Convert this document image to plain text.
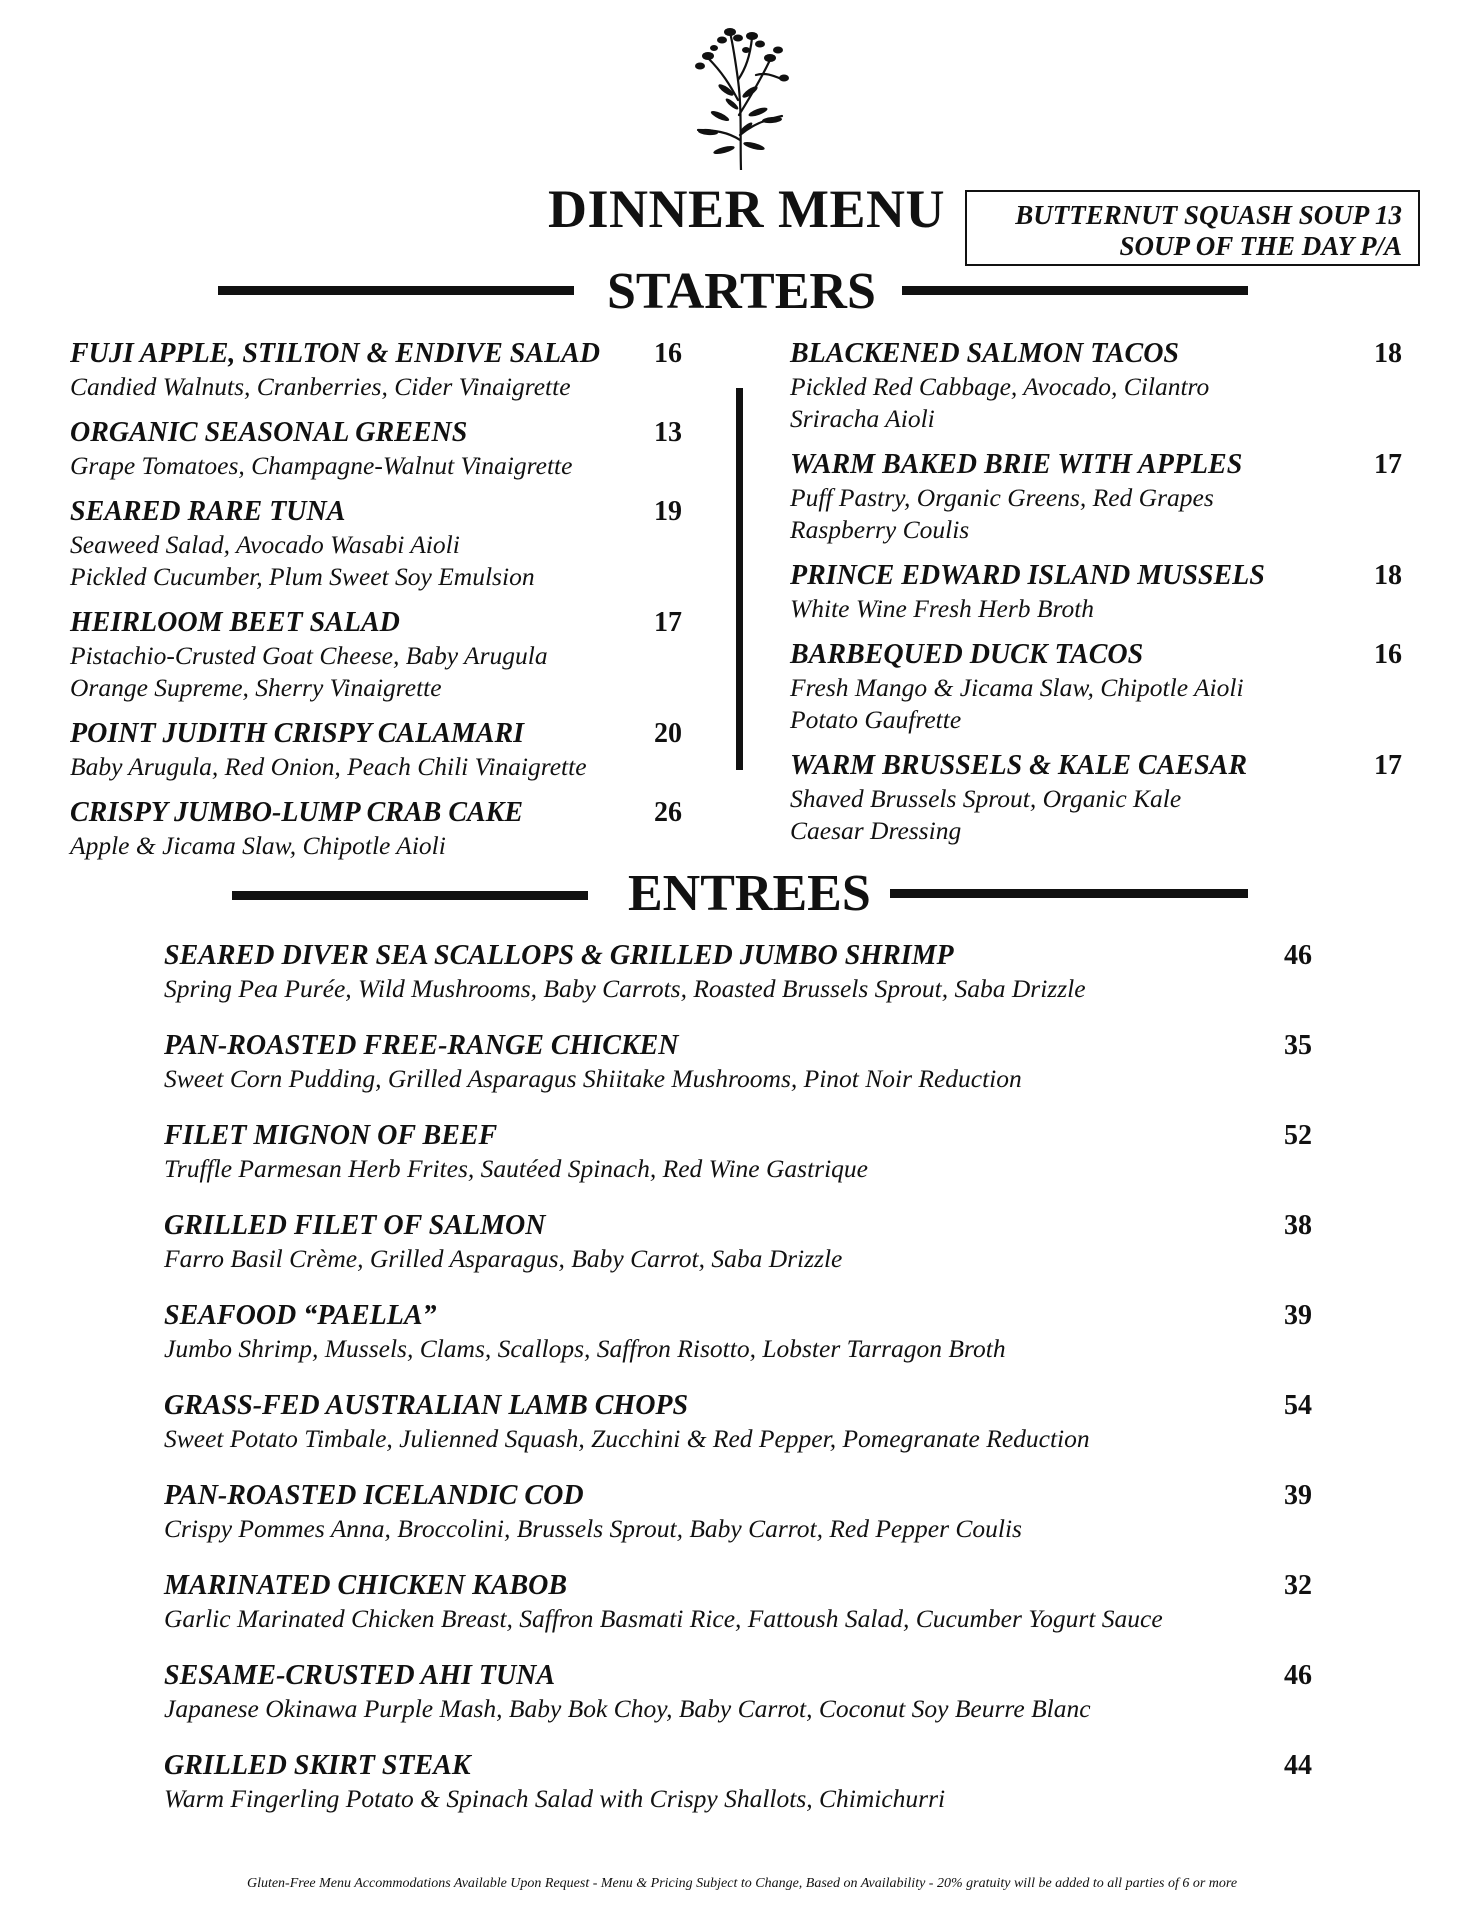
DINNER MENU	BUTTERNUT SQUASH SOUP 13
SOUP OF THE DAY P/A
STARTERS
FUJI APPLE, STILTON & ENDIVE SALAD 16
Candied Walnuts, Cranberries, Cider Vinaigrette
ORGANIC SEASONAL GREENS	13
Grape Tomatoes, Champagne-Walnut Vinaigrette
SEARED RARE TUNA	19
Seaweed Salad, Avocado Wasabi Aioli
Pickled Cucumber, Plum Sweet Soy Emulsion
HEIRLOOM BEET SALAD	17
Pistachio-Crusted Goat Cheese, Baby Arugula
Orange Supreme, Sherry Vinaigrette
POINT JUDITH CRISPY CALAMARI	20
Baby Arugula, Red Onion, Peach Chili Vinaigrette
CRISPY JUMBO-LUMP CRAB CAKE	26
Apple & Jicama Slaw, Chipotle Aioli
BLACKENED SALMON TACOS	18
Pickled Red Cabbage, Avocado, Cilantro
Sriracha Aioli
WARM BAKED BRIE WITH APPLES	17
Puff Pastry, Organic Greens, Red Grapes
Raspberry Coulis
PRINCE EDWARD ISLAND MUSSELS	18
White Wine Fresh Herb Broth
BARBEQUED DUCK TACOS	16
Fresh Mango & Jicama Slaw, Chipotle Aioli
Potato Gaufrette
WARM BRUSSELS & KALE CAESAR	17
Shaved Brussels Sprout, Organic Kale
Caesar Dressing
ENTREES
SEARED DIVER SEA SCALLOPS & GRILLED JUMBO SHRIMP	46
Spring Pea Purée, Wild Mushrooms, Baby Carrots, Roasted Brussels Sprout, Saba Drizzle
PAN-ROASTED FREE-RANGE CHICKEN	35
Sweet Corn Pudding, Grilled Asparagus Shiitake Mushrooms, Pinot Noir Reduction
FILET MIGNON OF BEEF	52
Truffle Parmesan Herb Frites, Sautéed Spinach, Red Wine Gastrique
GRILLED FILET OF SALMON	38
Farro Basil Crème, Grilled Asparagus, Baby Carrot, Saba Drizzle
SEAFOOD “PAELLA”	39
Jumbo Shrimp, Mussels, Clams, Scallops, Saffron Risotto, Lobster Tarragon Broth
GRASS-FED AUSTRALIAN LAMB CHOPS	54
Sweet Potato Timbale, Julienned Squash, Zucchini & Red Pepper, Pomegranate Reduction
PAN-ROASTED ICELANDIC COD	39
Crispy Pommes Anna, Broccolini, Brussels Sprout, Baby Carrot, Red Pepper Coulis
MARINATED CHICKEN KABOB	32
Garlic Marinated Chicken Breast, Saffron Basmati Rice, Fattoush Salad, Cucumber Yogurt Sauce
SESAME-CRUSTED AHI TUNA	46
Japanese Okinawa Purple Mash, Baby Bok Choy, Baby Carrot, Coconut Soy Beurre Blanc
GRILLED SKIRT STEAK	44
Warm Fingerling Potato & Spinach Salad with Crispy Shallots, Chimichurri
Gluten-Free Menu Accommodations Available Upon Request - Menu & Pricing Subject to Change, Based on Availability - 20% gratuity will be added to all parties of 6 or more
